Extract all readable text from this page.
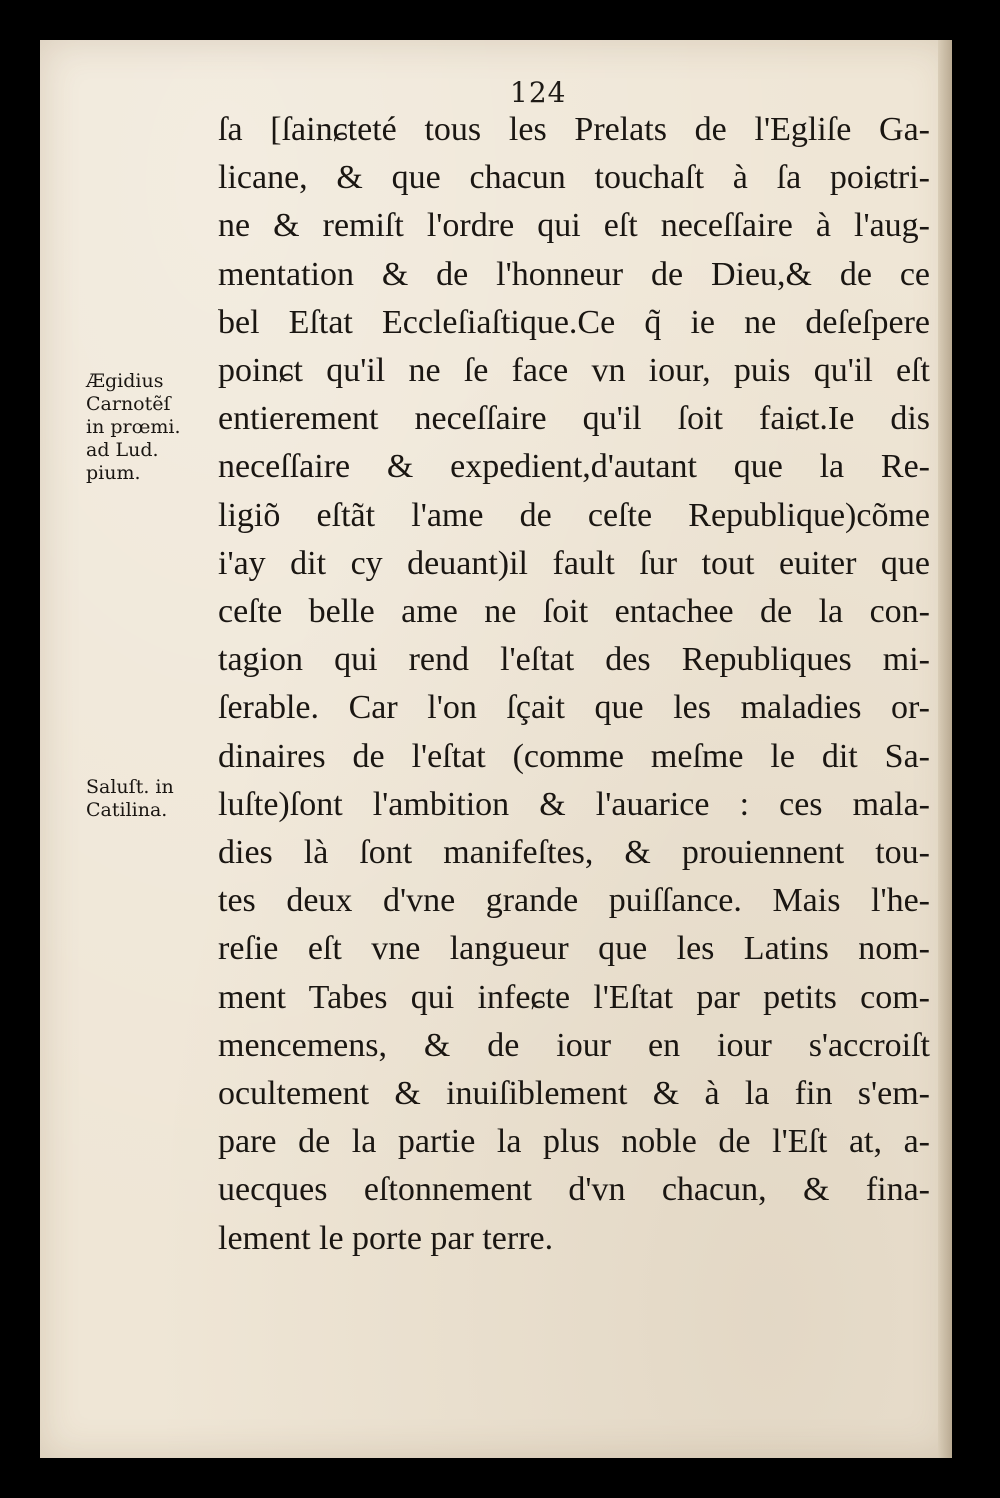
124
ſa [ſainɕteté tous les Prelats de l'Egliſe Ga-
licane, & que chacun touchaſt à ſa poiɕtri-
ne & remiſt l'ordre qui eſt neceſſaire à l'aug-
mentation & de l'honneur de Dieu,& de ce
bel Eſtat Eccleſiaſtique.Ce q̃ ie ne deſeſpere
poinɕt qu'il ne ſe face vn iour, puis qu'il eſt
entierement neceſſaire qu'il ſoit faiɕt.Ie dis
neceſſaire & expedient,d'autant que la Re-
ligiõ eſtãt l'ame de ceſte Republique)cõme
i'ay dit cy deuant)il fault ſur tout euiter que
ceſte belle ame ne ſoit entachee de la con-
tagion qui rend l'eſtat des Republiques mi-
ſerable. Car l'on ſçait que les maladies or-
dinaires de l'eſtat (comme meſme le dit Sa-
luſte)ſont l'ambition & l'auarice : ces mala-
dies là ſont manifeſtes, & prouiennent tou-
tes deux d'vne grande puiſſance. Mais l'he-
reſie eſt vne langueur que les Latins nom-
ment Tabes qui infeɕte l'Eſtat par petits com-
mencemens, & de iour en iour s'accroiſt
ocultement & inuiſiblement & à la fin s'em-
pare de la partie la plus noble de l'Eſt at, a-
uecques eſtonnement d'vn chacun, & fina-
lement le porte par terre.
Ægidius
Carnotẽſ
in prœmi.
ad Lud.
pium.
Saluſt. in
Catilina.
